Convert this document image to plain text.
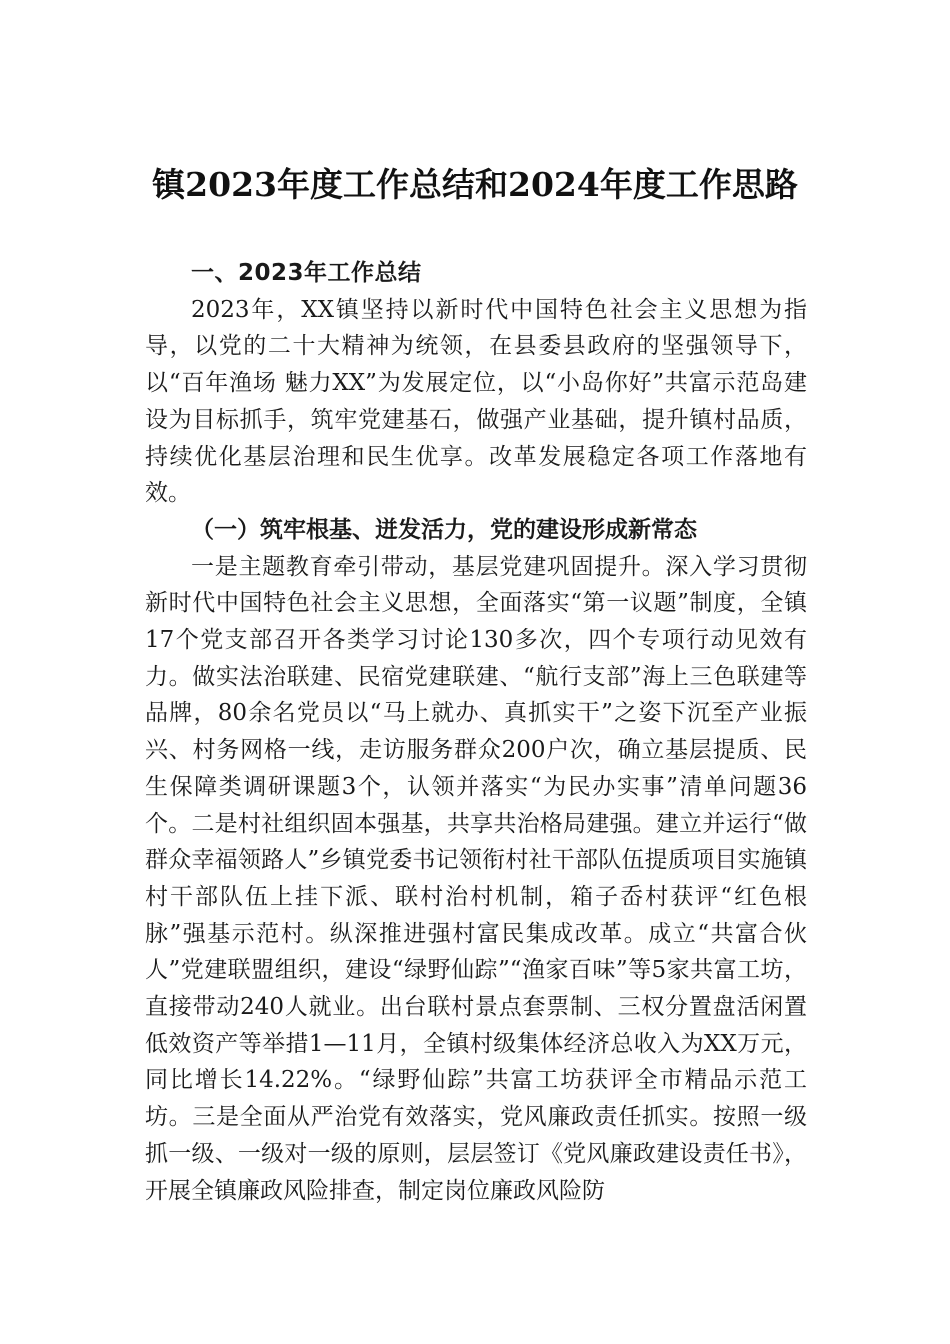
镇2023年度工作总结和2024年度工作思路

一、2023年工作总结

2023年，XX镇坚持以新时代中国特色社会主义思想为指导，以党的二十大精神为统领，在县委县政府的坚强领导下，以“百年渔场 魅力XX”为发展定位，以“小岛你好”共富示范岛建设为目标抓手，筑牢党建基石，做强产业基础，提升镇村品质，持续优化基层治理和民生优享。改革发展稳定各项工作落地有效。

（一）筑牢根基、迸发活力，党的建设形成新常态

一是主题教育牵引带动，基层党建巩固提升。深入学习贯彻新时代中国特色社会主义思想，全面落实“第一议题”制度，全镇17个党支部召开各类学习讨论130多次，四个专项行动见效有力。做实法治联建、民宿党建联建、“航行支部”海上三色联建等品牌，80余名党员以“马上就办、真抓实干”之姿下沉至产业振兴、村务网格一线，走访服务群众200户次，确立基层提质、民生保障类调研课题3个，认领并落实“为民办实事”清单问题36个。二是村社组织固本强基，共享共治格局建强。建立并运行“做群众幸福领路人”乡镇党委书记领衔村社干部队伍提质项目实施镇村干部队伍上挂下派、联村治村机制，箱子岙村获评“红色根脉”强基示范村。纵深推进强村富民集成改革。成立“共富合伙人”党建联盟组织，建设“绿野仙踪”“渔家百味”等5家共富工坊，直接带动240人就业。出台联村景点套票制、三权分置盘活闲置低效资产等举措1—11月，全镇村级集体经济总收入为XX万元，同比增长14.22%。“绿野仙踪”共富工坊获评全市精品示范工坊。三是全面从严治党有效落实，党风廉政责任抓实。按照一级抓一级、一级对一级的原则，层层签订《党风廉政建设责任书》，开展全镇廉政风险排查，制定岗位廉政风险防
